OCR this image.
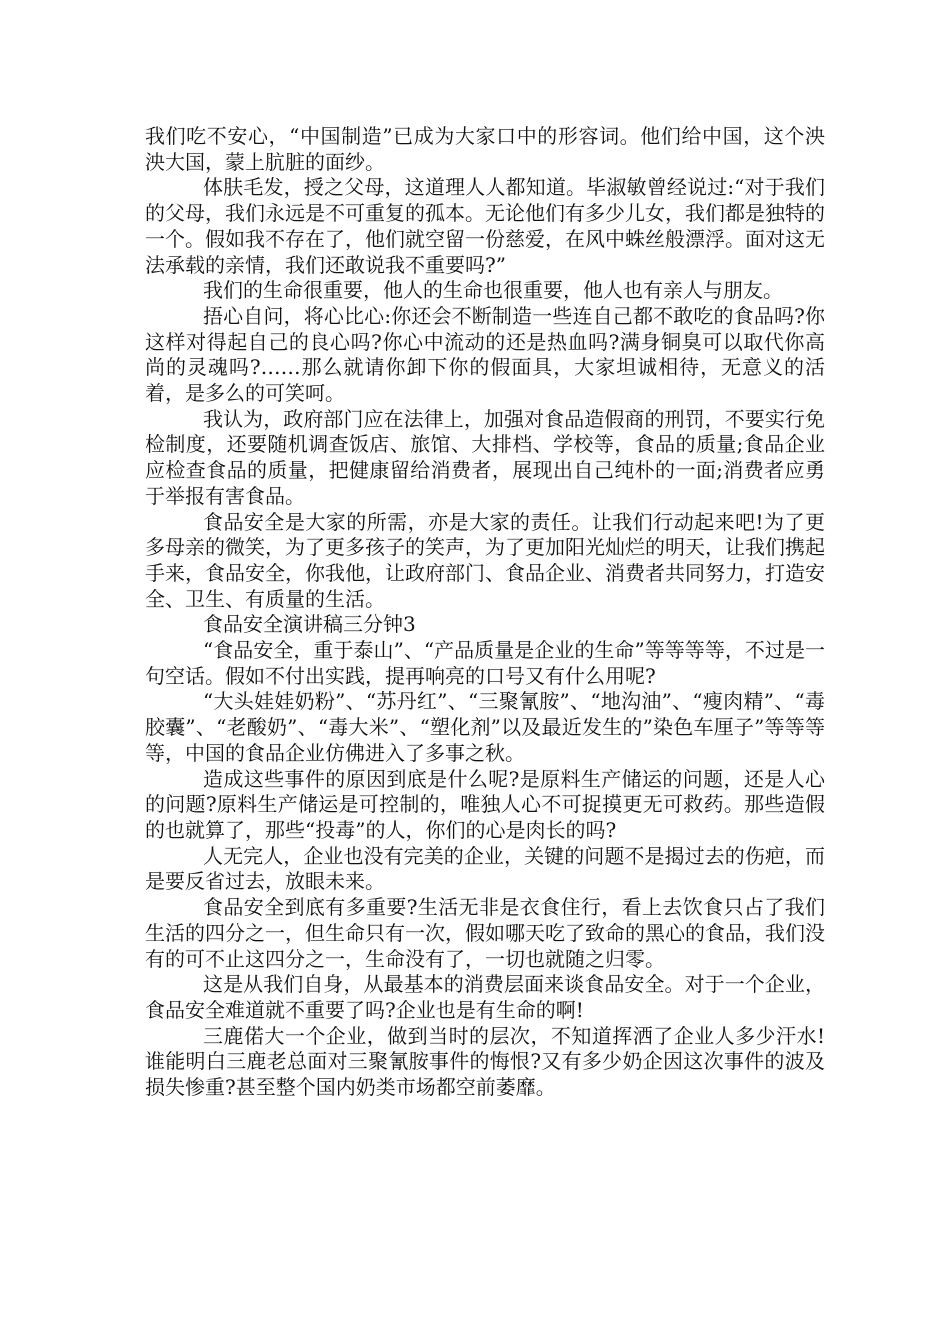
我们吃不安心，“中国制造”已成为大家口中的形容词。他们给中国，这个泱泱大国，蒙上肮脏的面纱。

体肤毛发，授之父母，这道理人人都知道。毕淑敏曾经说过:“对于我们的父母，我们永远是不可重复的孤本。无论他们有多少儿女，我们都是独特的一个。假如我不存在了，他们就空留一份慈爱，在风中蛛丝般漂浮。面对这无法承载的亲情，我们还敢说我不重要吗?”

我们的生命很重要，他人的生命也很重要，他人也有亲人与朋友。

捂心自问，将心比心:你还会不断制造一些连自己都不敢吃的食品吗?你这样对得起自己的良心吗?你心中流动的还是热血吗?满身铜臭可以取代你高尚的灵魂吗?……那么就请你卸下你的假面具，大家坦诚相待，无意义的活着，是多么的可笑呵。

我认为，政府部门应在法律上，加强对食品造假商的刑罚，不要实行免检制度，还要随机调查饭店、旅馆、大排档、学校等，食品的质量;食品企业应检查食品的质量，把健康留给消费者，展现出自己纯朴的一面;消费者应勇于举报有害食品。

食品安全是大家的所需，亦是大家的责任。让我们行动起来吧!为了更多母亲的微笑，为了更多孩子的笑声，为了更加阳光灿烂的明天，让我们携起手来，食品安全，你我他，让政府部门、食品企业、消费者共同努力，打造安全、卫生、有质量的生活。

食品安全演讲稿三分钟3

“食品安全，重于泰山”、“产品质量是企业的生命”等等等等，不过是一句空话。假如不付出实践，提再响亮的口号又有什么用呢?

“大头娃娃奶粉”、“苏丹红”、“三聚氰胺”、“地沟油”、“瘦肉精”、“毒胶囊”、“老酸奶”、“毒大米”、“塑化剂”以及最近发生的”染色车厘子”等等等等，中国的食品企业仿佛进入了多事之秋。

造成这些事件的原因到底是什么呢?是原料生产储运的问题，还是人心的问题?原料生产储运是可控制的，唯独人心不可捉摸更无可救药。那些造假的也就算了，那些“投毒”的人，你们的心是肉长的吗?

人无完人，企业也没有完美的企业，关键的问题不是揭过去的伤疤，而是要反省过去，放眼未来。

食品安全到底有多重要?生活无非是衣食住行，看上去饮食只占了我们生活的四分之一，但生命只有一次，假如哪天吃了致命的黑心的食品，我们没有的可不止这四分之一，生命没有了，一切也就随之归零。

这是从我们自身，从最基本的消费层面来谈食品安全。对于一个企业，食品安全难道就不重要了吗?企业也是有生命的啊!

三鹿偌大一个企业，做到当时的层次，不知道挥洒了企业人多少汗水!谁能明白三鹿老总面对三聚氰胺事件的悔恨?又有多少奶企因这次事件的波及损失惨重?甚至整个国内奶类市场都空前萎靡。
